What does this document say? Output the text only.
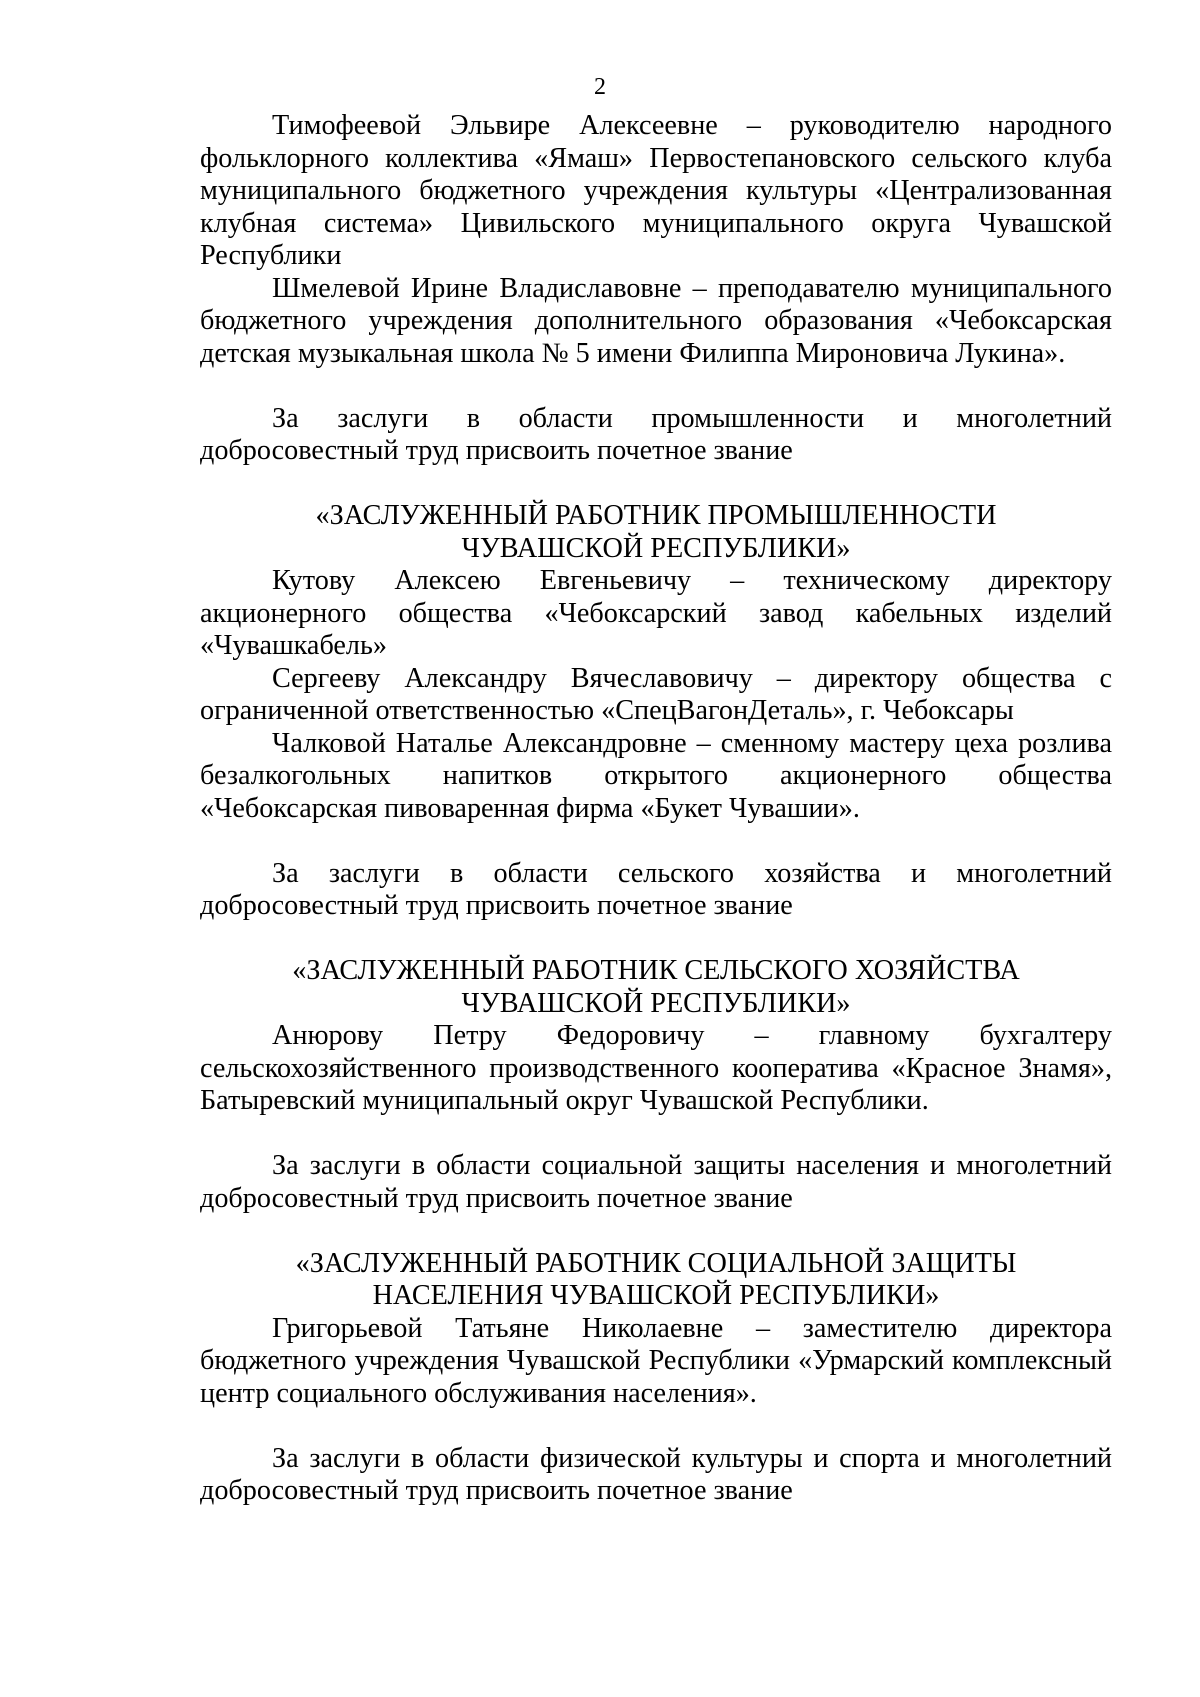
2

Тимофеевой Эльвире Алексеевне – руководителю народного фольклорного коллектива «Ямаш» Первостепановского сельского клуба муниципального бюджетного учреждения культуры «Централизованная клубная система» Цивильского муниципального округа Чувашской Республики

Шмелевой Ирине Владиславовне – преподавателю муниципального бюджетного учреждения дополнительного образования «Чебоксарская детская музыкальная школа № 5 имени Филиппа Мироновича Лукина».

За заслуги в области промышленности и многолетний добросовестный труд присвоить почетное звание

«ЗАСЛУЖЕННЫЙ РАБОТНИК ПРОМЫШЛЕННОСТИ
ЧУВАШСКОЙ РЕСПУБЛИКИ»

Кутову Алексею Евгеньевичу – техническому директору акционерного общества «Чебоксарский завод кабельных изделий «Чувашкабель»

Сергееву Александру Вячеславовичу – директору общества с ограниченной ответственностью «СпецВагонДеталь», г. Чебоксары

Чалковой Наталье Александровне – сменному мастеру цеха розлива безалкогольных напитков открытого акционерного общества «Чебоксарская пивоваренная фирма «Букет Чувашии».

За заслуги в области сельского хозяйства и многолетний добросовестный труд присвоить почетное звание

«ЗАСЛУЖЕННЫЙ РАБОТНИК СЕЛЬСКОГО ХОЗЯЙСТВА
ЧУВАШСКОЙ РЕСПУБЛИКИ»

Анюрову Петру Федоровичу – главному бухгалтеру сельскохозяйственного производственного кооператива «Красное Знамя», Батыревский муниципальный округ Чувашской Республики.

За заслуги в области социальной защиты населения и многолетний добросовестный труд присвоить почетное звание

«ЗАСЛУЖЕННЫЙ РАБОТНИК СОЦИАЛЬНОЙ ЗАЩИТЫ
НАСЕЛЕНИЯ ЧУВАШСКОЙ РЕСПУБЛИКИ»

Григорьевой Татьяне Николаевне – заместителю директора бюджетного учреждения Чувашской Республики «Урмарский комплексный центр социального обслуживания населения».

За заслуги в области физической культуры и спорта и многолетний добросовестный труд присвоить почетное звание
